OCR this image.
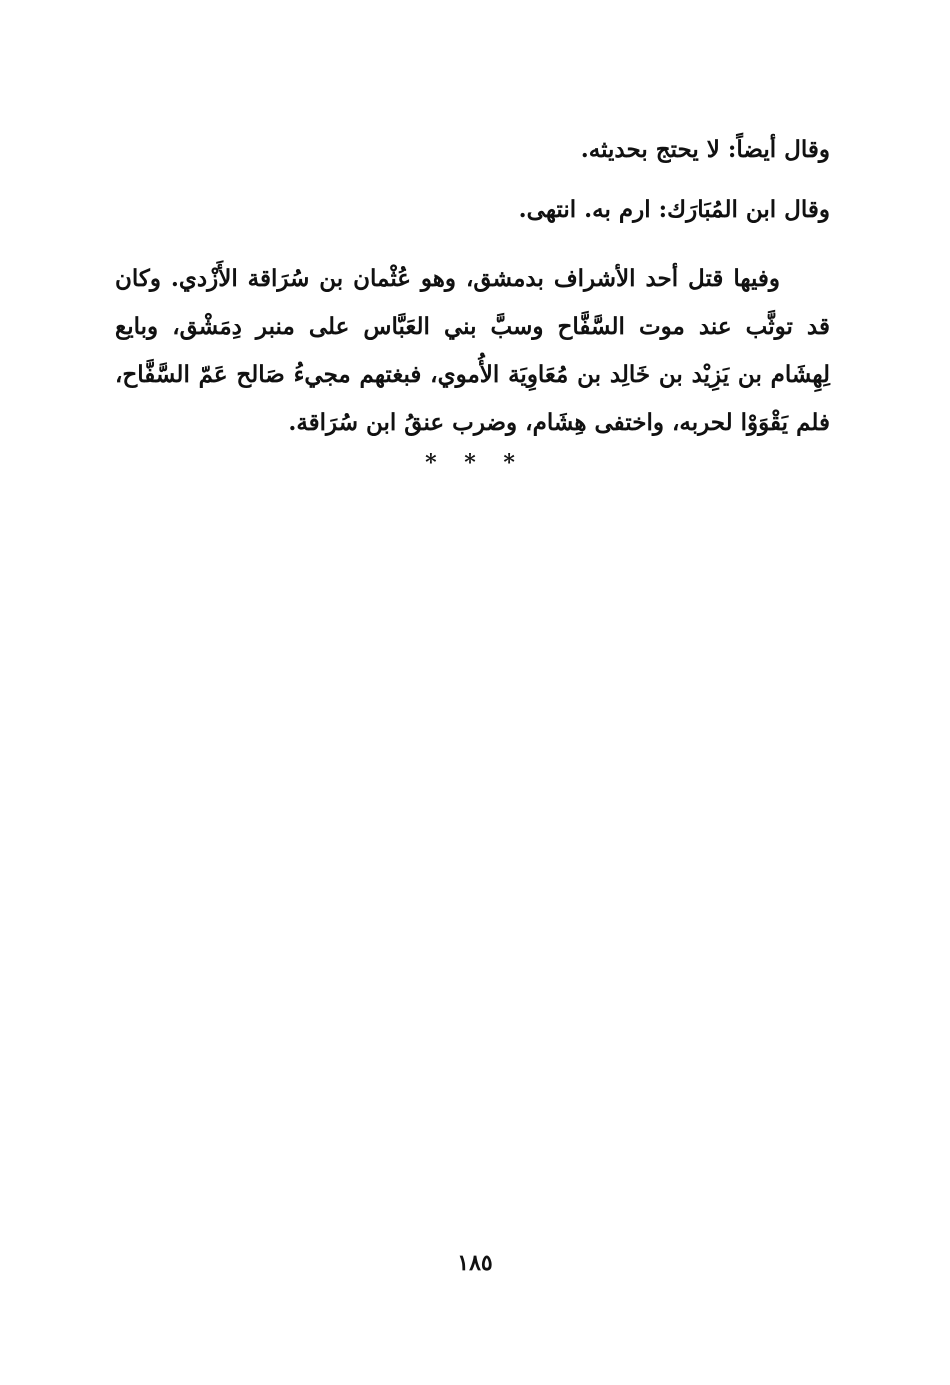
وقال أيضاً: لا يحتج بحديثه.
وقال ابن المُبَارَك: ارم به. انتهى.
وفيها قتل أحد الأشراف بدمشق، وهو عُثْمان بن سُرَاقة الأَزْدي. وكان قد توثَّب عند موت السَّفَّاح وسبَّ بني العَبَّاس على منبر دِمَشْق، وبايع لِهِشَام بن يَزِيْد بن خَالِد بن مُعَاوِيَة الأُموي، فبغتهم مجيءُ صَالح عَمّ السَّفَّاح، فلم يَقْوَوْا لحربه، واختفى هِشَام، وضرب عنقُ ابن سُرَاقة.
* * *
١٨٥
